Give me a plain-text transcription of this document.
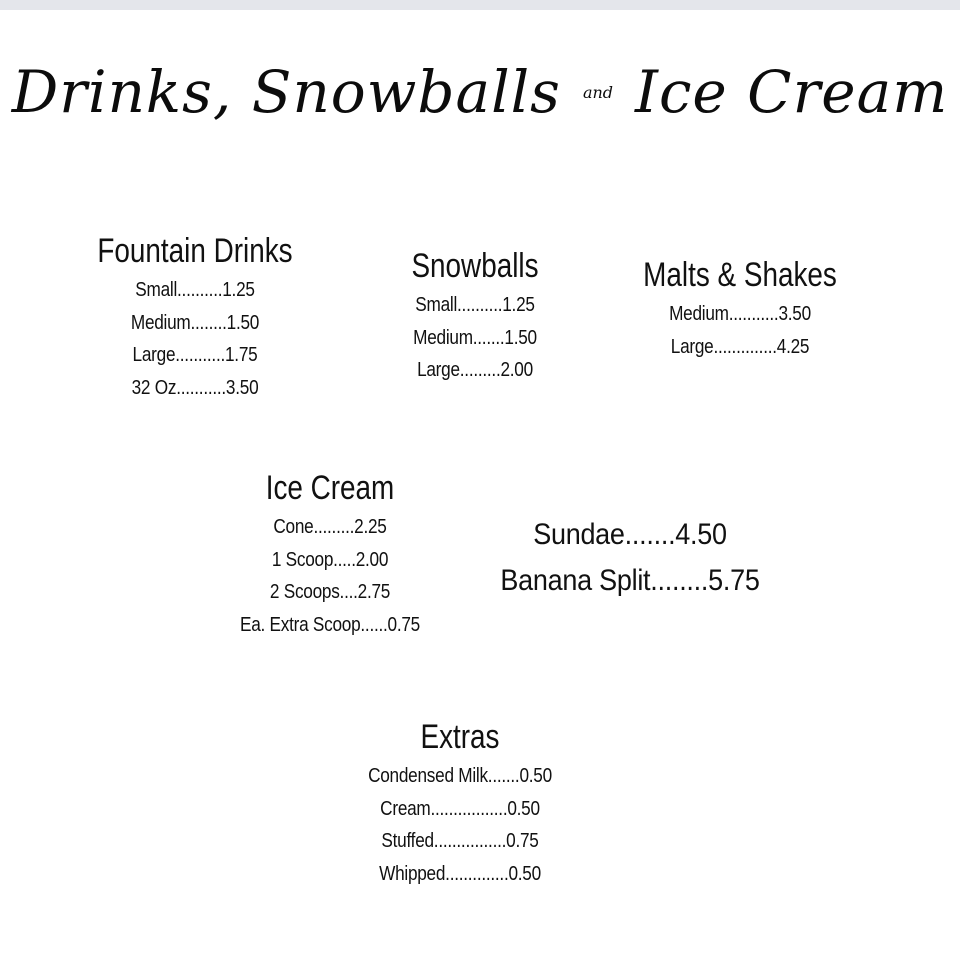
Drinks, Snowballs and Ice Cream
Fountain Drinks
Small..........1.25
Medium........1.50
Large...........1.75
32 Oz...........3.50
Snowballs
Small..........1.25
Medium.......1.50
Large.........2.00
Malts & Shakes
Medium...........3.50
Large..............4.25
Ice Cream
Cone.........2.25
1 Scoop.....2.00
2 Scoops....2.75
Ea. Extra Scoop......0.75
Sundae.......4.50
Banana Split........5.75
Extras
Condensed Milk.......0.50
Cream.................0.50
Stuffed................0.75
Whipped..............0.50
